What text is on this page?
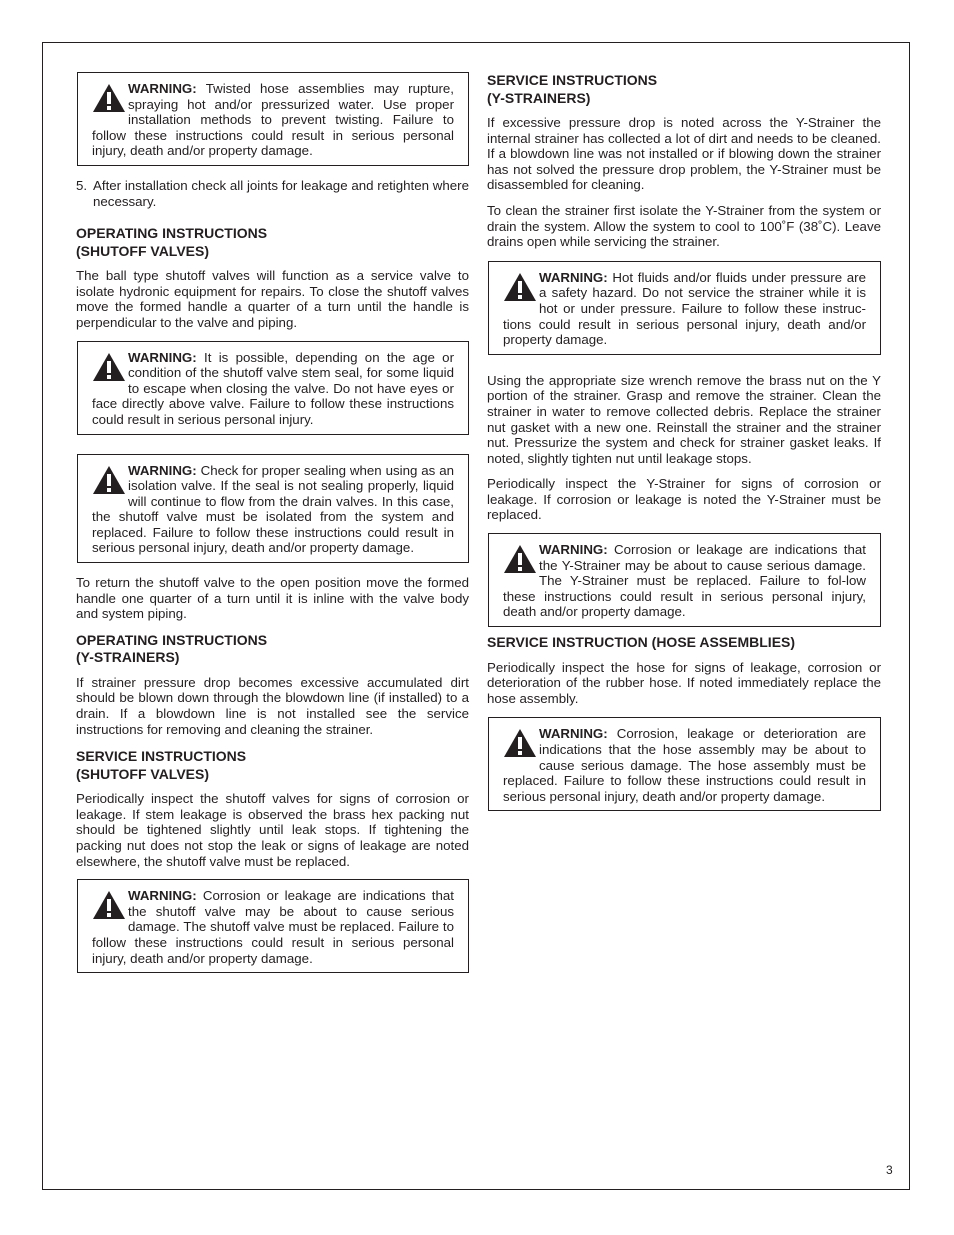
WARNING: Twisted hose assemblies may rupture, spraying hot and/or pressurized water. Use proper installation methods to prevent twisting. Failure to follow these instructions could result in serious personal injury, death and/or property damage.
5. After installation check all joints for leakage and retighten where necessary.
OPERATING INSTRUCTIONS
(SHUTOFF VALVES)

The ball type shutoff valves will function as a service valve to isolate hydronic equipment for repairs. To close the shutoff valves move the formed handle a quarter of a turn until the handle is perpendicular to the valve and piping.

WARNING: It is possible, depending on the age or condition of the shutoff valve stem seal, for some liquid to escape when closing the valve. Do not have eyes or face directly above valve. Failure to follow these instructions could result in serious personal injury.
WARNING: Check for proper sealing when using as an isolation valve. If the seal is not sealing properly, liquid will continue to flow from the drain valves. In this case, the shutoff valve must be isolated from the system and replaced. Failure to follow these instructions could result in serious personal injury, death and/or property damage.

To return the shutoff valve to the open position move the formed handle one quarter of a turn until it is inline with the valve body and system piping.

OPERATING INSTRUCTIONS
(Y-STRAINERS)

If strainer pressure drop becomes excessive accumulated dirt should be blown down through the blowdown line (if installed) to a drain. If a blowdown line is not installed see the service instructions for removing and cleaning the strainer.

SERVICE INSTRUCTIONS
(SHUTOFF VALVES)

Periodically inspect the shutoff valves for signs of corrosion or leakage. If stem leakage is observed the brass hex packing nut should be tightened slightly until leak stops. If tightening the packing nut does not stop the leak or signs of leakage are noted elsewhere, the shutoff valve must be replaced.

WARNING: Corrosion or leakage are indications that the shutoff valve may be about to cause serious damage. The shutoff valve must be replaced. Failure to follow these instructions could result in serious personal injury, death and/or property damage.
SERVICE INSTRUCTIONS
(Y-STRAINERS)

If excessive pressure drop is noted across the Y-Strainer the internal strainer has collected a lot of dirt and needs to be cleaned. If a blowdown line was not installed or if blowing down the strainer has not solved the pressure drop problem, the Y-Strainer must be disassembled for cleaning.

To clean the strainer first isolate the Y-Strainer from the system or drain the system. Allow the system to cool to 100˚F (38˚C). Leave drains open while servicing the strainer.

WARNING: Hot fluids and/or fluids under pressure are a safety hazard. Do not service the strainer while it is hot or under pressure. Failure to follow these instruc-tions could result in serious personal injury, death and/or property damage.

Using the appropriate size wrench remove the brass nut on the Y portion of the strainer. Grasp and remove the strainer. Clean the strainer in water to remove collected debris. Replace the strainer nut gasket with a new one. Reinstall the strainer and the strainer nut. Pressurize the system and check for strainer gasket leaks. If noted, slightly tighten nut until leakage stops.

Periodically inspect the Y-Strainer for signs of corrosion or leakage. If corrosion or leakage is noted the Y-Strainer must be replaced.

WARNING: Corrosion or leakage are indications that the Y-Strainer may be about to cause serious damage. The Y-Strainer must be replaced. Failure to fol-low these instructions could result in serious personal injury, death and/or property damage.
SERVICE INSTRUCTION (HOSE ASSEMBLIES)

Periodically inspect the hose for signs of leakage, corrosion or deterioration of the rubber hose. If noted immediately replace the hose assembly.

WARNING: Corrosion, leakage or deterioration are indications that the hose assembly may be about to cause serious damage. The hose assembly must be replaced. Failure to follow these instructions could result in serious personal injury, death and/or property damage.
3
